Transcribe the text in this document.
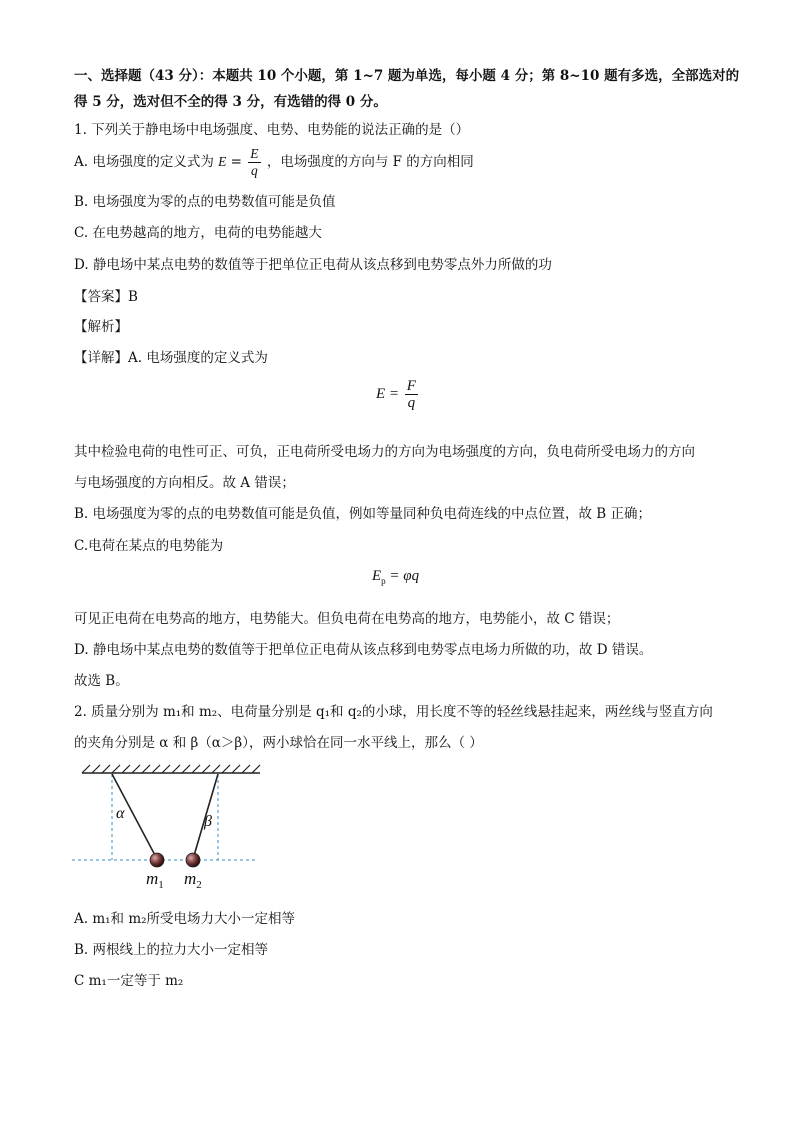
一、选择题（43 分）：本题共 10 个小题，第 1~7 题为单选，每小题 4 分；第 8~10 题有多选，全部选对的
得 5 分，选对但不全的得 3 分，有选错的得 0 分。
1. 下列关于静电场中电场强度、电势、电势能的说法正确的是（）
A. 电场强度的定义式为 $E = \frac{E}{q}$ ，电场强度的方向与 F 的方向相同
B. 电场强度为零的点的电势数值可能是负值
C. 在电势越高的地方，电荷的电势能越大
D. 静电场中某点电势的数值等于把单位正电荷从该点移到电势零点外力所做的功
【答案】B
【解析】
【详解】A. 电场强度的定义式为
$E = \frac{F}{q}$
其中检验电荷的电性可正、可负，正电荷所受电场力的方向为电场强度的方向，负电荷所受电场力的方向
与电场强度的方向相反。故 A 错误；
B. 电场强度为零的点的电势数值可能是负值，例如等量同种负电荷连线的中点位置，故 B 正确；
C.电荷在某点的电势能为
$E_p = \varphi q$
可见正电荷在电势高的地方，电势能大。但负电荷在电势高的地方，电势能小，故 C 错误；
D. 静电场中某点电势的数值等于把单位正电荷从该点移到电势零点电场力所做的功，故 D 错误。
故选 B。
2. 质量分别为 m₁和 m₂、电荷量分别是 q₁和 q₂的小球，用长度不等的轻丝线悬挂起来，两丝线与竖直方向
的夹角分别是 α 和 β（α＞β），两小球恰在同一水平线上，那么（ ）
α	β
$m_1$ $m_2$
A. m₁和 m₂所受电场力大小一定相等
B. 两根线上的拉力大小一定相等
C m₁一定等于 m₂
